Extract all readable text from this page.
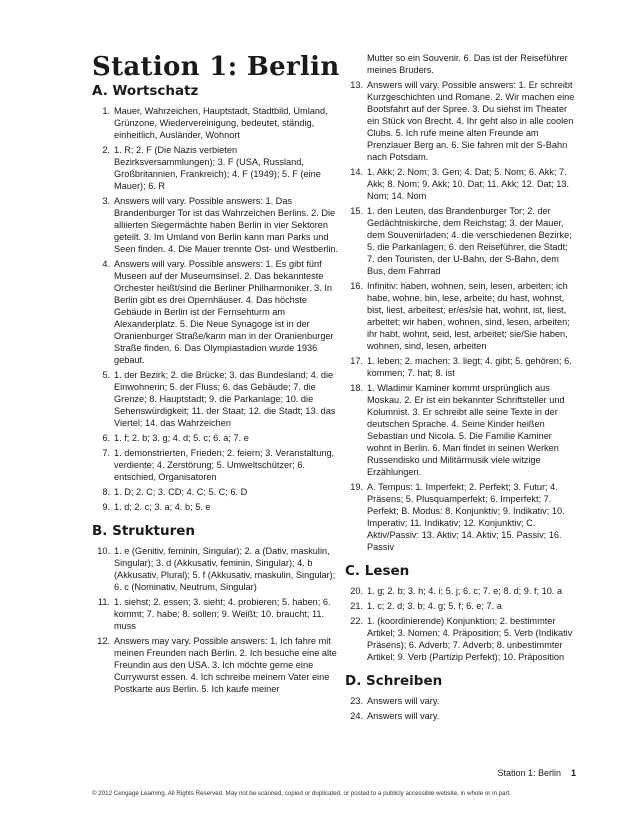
Station 1: Berlin
A. Wortschatz
1. Mauer, Wahrzeichen, Hauptstadt, Stadtbild, Umland, Grünzone, Wiedervereinigung, bedeutet, ständig, einheitlich, Ausländer, Wohnort
2. 1. R; 2. F (Die Nazis verbieten Bezirksversammlungen); 3. F (USA, Russland, Großbritannien, Frankreich); 4. F (1949); 5. F (eine Mauer); 6. R
3. Answers will vary. Possible answers: 1. Das Brandenburger Tor ist das Wahrzeichen Berlins. 2. Die alliierten Siegermächte haben Berlin in vier Sektoren geteilt. 3. Im Umland von Berlin kann man Parks und Seen finden. 4. Die Mauer trennte Ost- und Westberlin.
4. Answers will vary. Possible answers: 1. Es gibt fünf Museen auf der Museumsinsel. 2. Das bekannteste Orchester heißt/sind die Berliner Philharmoniker. 3. In Berlin gibt es drei Opernhäuser. 4. Das höchste Gebäude in Berlin ist der Fernsehturm am Alexanderplatz. 5. Die Neue Synagoge ist in der Oranienburger Straße/kann man in der Oranienburger Straße finden. 6. Das Olympiastadion wurde 1936 gebaut.
5. 1. der Bezirk; 2. die Brücke; 3. das Bundesland; 4. die Einwohnerin; 5. der Fluss; 6. das Gebäude; 7. die Grenze; 8. Hauptstadt; 9. die Parkanlage; 10. die Sehenswürdigkeit; 11. der Staat; 12. die Stadt; 13. das Viertel; 14. das Wahrzeichen
6. 1. f; 2. b; 3. g; 4. d; 5. c; 6. a; 7. e
7. 1. demonstrierten, Frieden; 2. feiern; 3. Veranstaltung, verdiente; 4. Zerstörung; 5. Umweltschützer; 6. entschied, Organisatoren
8. 1. D; 2. C; 3. CD; 4. C; 5. C; 6. D
9. 1. d; 2. c; 3. a; 4. b; 5. e
B. Strukturen
10. 1. e (Genitiv, feminin, Singular); 2. a (Dativ, maskulin, Singular); 3. d (Akkusativ, feminin, Singular); 4. b (Akkusativ, Plural); 5. f (Akkusativ, maskulin, Singular); 6. c (Nominativ, Neutrum, Singular)
11. 1. siehst; 2. essen; 3. sieht; 4. probieren; 5. haben; 6. kommt; 7. habe; 8. sollen; 9. Weißt; 10. braucht; 11. muss
12. Answers may vary. Possible answers: 1. Ich fahre mit meinen Freunden nach Berlin. 2. Ich besuche eine alte Freundin aus den USA. 3. Ich möchte gerne eine Currywurst essen. 4. Ich schreibe meinem Vater eine Postkarte aus Berlin. 5. Ich kaufe meiner
Mutter so ein Souvenir. 6. Das ist der Reiseführer meines Bruders.
13. Answers will vary. Possible answers: 1. Er schreibt Kurzgeschichten und Romane. 2. Wir machen eine Bootsfahrt auf der Spree. 3. Du siehst im Theater ein Stück von Brecht. 4. Ihr geht also in alle coolen Clubs. 5. Ich rufe meine alten Freunde am Prenzlauer Berg an. 6. Sie fahren mit der S-Bahn nach Potsdam.
14. 1. Akk; 2. Nom; 3. Gen; 4. Dat; 5. Nom; 6. Akk; 7. Akk; 8. Nom; 9. Akk; 10. Dat; 11. Akk; 12. Dat; 13. Nom; 14. Nom
15. 1. den Leuten, das Brandenburger Tor; 2. der Gedächtniskirche, dem Reichstag; 3. der Mauer, dem Souvenirladen; 4. die verschiedenen Bezirke; 5. die Parkanlagen; 6. den Reiseführer, die Stadt; 7. den Touristen, der U-Bahn, der S-Bahn, dem Bus, dem Fahrrad
16. Infinitiv: haben, wohnen, sein, lesen, arbeiten; ich habe, wohne, bin, lese, arbeite; du hast, wohnst, bist, liest, arbeitest; er/es/sie hat, wohnt, ist, liest, arbeitet; wir haben, wohnen, sind, lesen, arbeiten; ihr habt, wohnt, seid, lest, arbeitet; sie/Sie haben, wohnen, sind, lesen, arbeiten
17. 1. leben; 2. machen; 3. liegt; 4. gibt; 5. gehören; 6. kommen; 7. hat; 8. ist
18. 1. Wladimir Kaminer kommt ursprünglich aus Moskau. 2. Er ist ein bekannter Schriftsteller und Kolumnist. 3. Er schreibt alle seine Texte in der deutschen Sprache. 4. Seine Kinder heißen Sebastian und Nicola. 5. Die Familie Kaminer wohnt in Berlin. 6. Man findet in seinen Werken Russendisko und Militärmusik viele witzige Erzählungen.
19. A. Tempus: 1. Imperfekt; 2. Perfekt; 3. Futur; 4. Präsens; 5. Plusquamperfekt; 6. Imperfekt; 7. Perfekt; B. Modus: 8. Konjunktiv; 9. Indikativ; 10. Imperativ; 11. Indikativ; 12. Konjunktiv; C. Aktiv/Passiv: 13. Aktiv; 14. Aktiv; 15. Passiv; 16. Passiv
C. Lesen
20. 1. g; 2. b; 3. h; 4. i; 5. j; 6. c; 7. e; 8. d; 9. f; 10. a
21. 1. c; 2. d; 3. b; 4. g; 5. f; 6. e; 7. a
22. 1. (koordinierende) Konjunktion; 2. bestimmter Artikel; 3. Nomen; 4. Präposition; 5. Verb (Indikativ Präsens); 6. Adverb; 7. Adverb; 8. unbestimmter Artikel; 9. Verb (Partizip Perfekt); 10. Präposition
D. Schreiben
23. Answers will vary.
24. Answers will vary.
Station 1: Berlin 1
© 2012 Cengage Learning. All Rights Reserved. May not be scanned, copied or duplicated, or posted to a publicly accessible website, in whole or in part.
